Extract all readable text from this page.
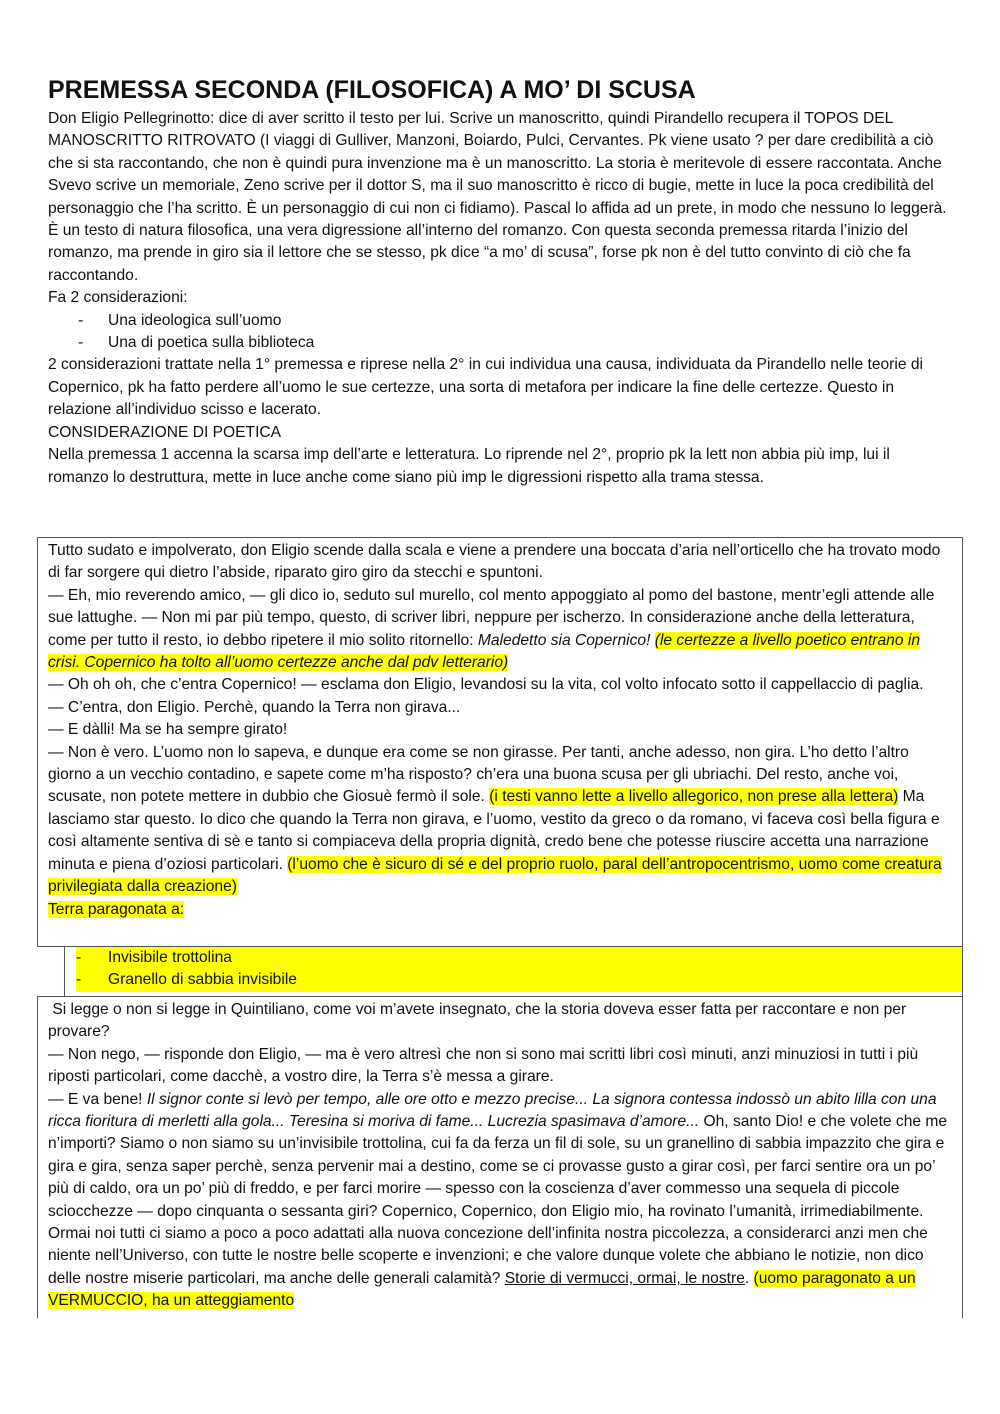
PREMESSA SECONDA (FILOSOFICA) A MO’ DI SCUSA

Don Eligio Pellegrinotto: dice di aver scritto il testo per lui. Scrive un manoscritto, quindi Pirandello recupera il TOPOS DEL MANOSCRITTO RITROVATO (I viaggi di Gulliver, Manzoni, Boiardo, Pulci, Cervantes. Pk viene usato ? per dare credibilità a ciò che si sta raccontando, che non è quindi pura invenzione ma è un manoscritto. La storia è meritevole di essere raccontata. Anche Svevo scrive un memoriale, Zeno scrive per il dottor S, ma il suo manoscritto è ricco di bugie, mette in luce la poca credibilità del personaggio che l’ha scritto. È un personaggio di cui non ci fidiamo). Pascal lo affida ad un prete, in modo che nessuno lo leggerà.

È un testo di natura filosofica, una vera digressione all’interno del romanzo. Con questa seconda premessa ritarda l’inizio del romanzo, ma prende in giro sia il lettore che se stesso, pk dice “a mo’ di scusa”, forse pk non è del tutto convinto di ciò che fa raccontando.

Fa 2 considerazioni:

- Una ideologica sull’uomo
- Una di poetica sulla biblioteca

2 considerazioni trattate nella 1° premessa e riprese nella 2° in cui individua una causa, individuata da Pirandello nelle teorie di Copernico, pk ha fatto perdere all’uomo le sue certezze, una sorta di metafora per indicare la fine delle certezze. Questo in relazione all’individuo scisso e lacerato.

CONSIDERAZIONE DI POETICA

Nella premessa 1 accenna la scarsa imp dell’arte e letteratura. Lo riprende nel 2°, proprio pk la lett non abbia più imp, lui il romanzo lo destruttura, mette in luce anche come siano più imp le digressioni rispetto alla trama stessa.

Tutto sudato e impolverato, don Eligio scende dalla scala e viene a prendere una boccata d’aria nell’orticello che ha trovato modo di far sorgere qui dietro l’abside, riparato giro giro da stecchi e spuntoni.

— Eh, mio reverendo amico, — gli dico io, seduto sul murello, col mento appoggiato al pomo del bastone, mentr’egli attende alle sue lattughe. — Non mi par più tempo, questo, di scriver libri, neppure per ischerzo. In considerazione anche della letteratura, come per tutto il resto, io debbo ripetere il mio solito ritornello: Maledetto sia Copernico! (le certezze a livello poetico entrano in crisi. Copernico ha tolto all’uomo certezze anche dal pdv letterario)

— Oh oh oh, che c’entra Copernico! — esclama don Eligio, levandosi su la vita, col volto infocato sotto il cappellaccio di paglia.

— C’entra, don Eligio. Perchè, quando la Terra non girava...

— E dàlli! Ma se ha sempre girato!

— Non è vero. L’uomo non lo sapeva, e dunque era come se non girasse. Per tanti, anche adesso, non gira. L’ho detto l’altro giorno a un vecchio contadino, e sapete come m’ha risposto? ch’era una buona scusa per gli ubriachi. Del resto, anche voi, scusate, non potete mettere in dubbio che Giosuè fermò il sole. (i testi vanno lette a livello allegorico, non prese alla lettera) Ma lasciamo star questo. Io dico che quando la Terra non girava, e l’uomo, vestito da greco o da romano, vi faceva così bella figura e così altamente sentiva di sè e tanto si compiaceva della propria dignità, credo bene che potesse riuscire accetta una narrazione minuta e piena d’oziosi particolari. (l’uomo che è sicuro di sé e del proprio ruolo, paral dell’antropocentrismo, uomo come creatura privilegiata dalla creazione)

Terra paragonata a:

- Invisibile trottolina
- Granello di sabbia invisibile

Si legge o non si legge in Quintiliano, come voi m’avete insegnato, che la storia doveva esser fatta per raccontare e non per provare?

— Non nego, — risponde don Eligio, — ma è vero altresì che non si sono mai scritti libri così minuti, anzi minuziosi in tutti i più riposti particolari, come dacchè, a vostro dire, la Terra s’è messa a girare.

— E va bene! Il signor conte si levò per tempo, alle ore otto e mezzo precise... La signora contessa indossò un abito lilla con una ricca fioritura di merletti alla gola... Teresina si moriva di fame... Lucrezia spasimava d’amore... Oh, santo Dio! e che volete che me n’importi? Siamo o non siamo su un’invisibile trottolina, cui fa da ferza un fil di sole, su un granellino di sabbia impazzito che gira e gira e gira, senza saper perchè, senza pervenir mai a destino, come se ci provasse gusto a girar così, per farci sentire ora un po’ più di caldo, ora un po’ più di freddo, e per farci morire — spesso con la coscienza d’aver commesso una sequela di piccole sciocchezze — dopo cinquanta o sessanta giri? Copernico, Copernico, don Eligio mio, ha rovinato l’umanità, irrimediabilmente. Ormai noi tutti ci siamo a poco a poco adattati alla nuova concezione dell’infinita nostra piccolezza, a considerarci anzi men che niente nell’Universo, con tutte le nostre belle scoperte e invenzioni; e che valore dunque volete che abbiano le notizie, non dico delle nostre miserie particolari, ma anche delle generali calamità? Storie di vermucci, ormai, le nostre. (uomo paragonato a un VERMUCCIO, ha un atteggiamento
